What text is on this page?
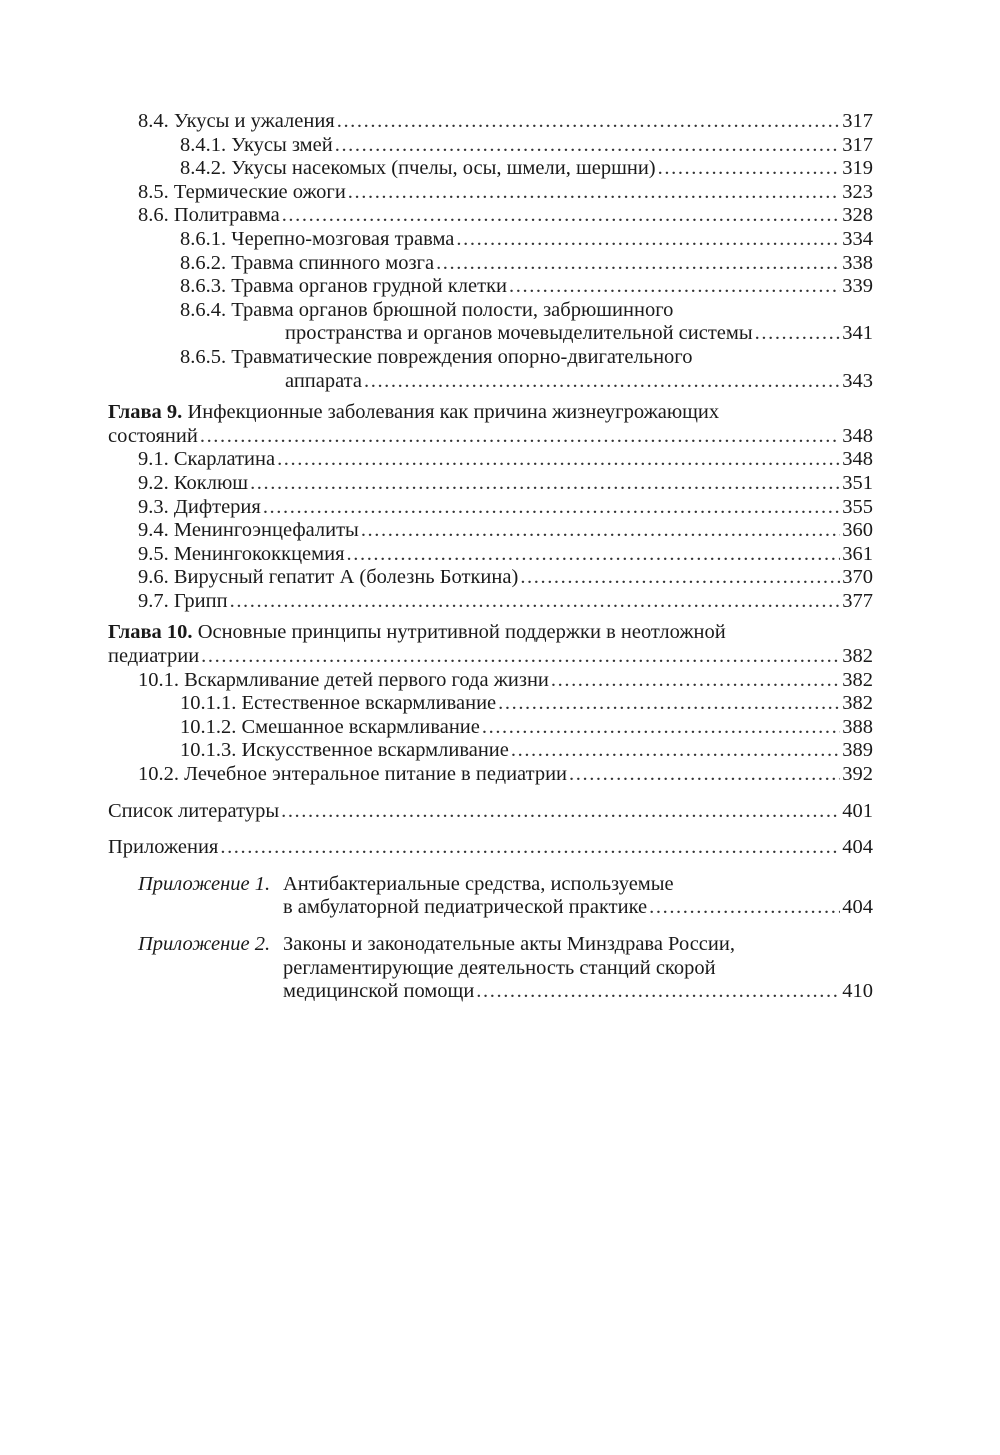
8.4. Укусы и ужаления .....	317
8.4.1. Укусы змей .....	317
8.4.2. Укусы насекомых (пчелы, осы, шмели, шершни) .....	319
8.5. Термические ожоги .....	323
8.6. Политравма .....	328
8.6.1. Черепно-мозговая травма .....	334
8.6.2. Травма спинного мозга .....	338
8.6.3. Травма органов грудной клетки .....	339
8.6.4. Травма органов брюшной полости, забрюшинного
пространства и органов мочевыделительной системы .....	341
8.6.5. Травматические повреждения опорно-двигательного
аппарата .....	343
Глава 9. Инфекционные заболевания как причина жизнеугрожающих
состояний .....	348
9.1. Скарлатина .....	348
9.2. Коклюш .....	351
9.3. Дифтерия .....	355
9.4. Менингоэнцефалиты .....	360
9.5. Менингококкцемия .....	361
9.6. Вирусный гепатит А (болезнь Боткина) .....	370
9.7. Грипп .....	377
Глава 10. Основные принципы нутритивной поддержки в неотложной
педиатрии .....	382
10.1. Вскармливание детей первого года жизни .....	382
10.1.1. Естественное вскармливание .....	382
10.1.2. Смешанное вскармливание .....	388
10.1.3. Искусственное вскармливание .....	389
10.2. Лечебное энтеральное питание в педиатрии .....	392
Список литературы .....	401
Приложения .....	404
Приложение 1. Антибактериальные средства, используемые
в амбулаторной педиатрической практике .....	404
Приложение 2. Законы и законодательные акты Минздрава России,
регламентирующие деятельность станций скорой
медицинской помощи .....	410
